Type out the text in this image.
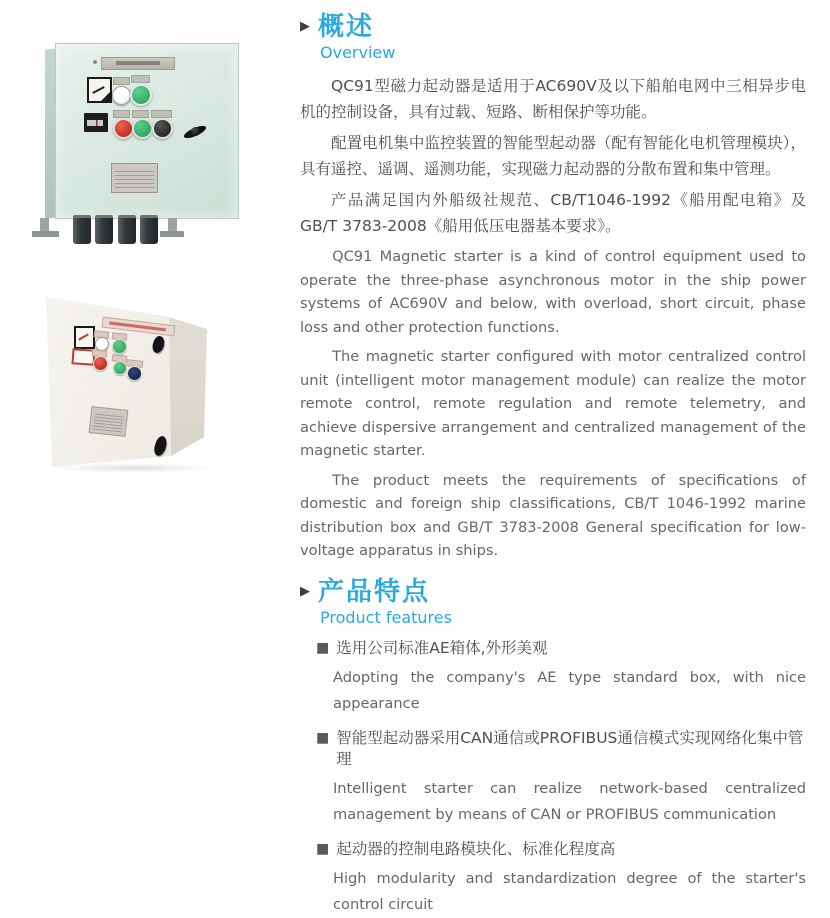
▶ 概述
Overview

QC91型磁力起动器是适用于AC690V及以下船舶电网中三相异步电机的控制设备，具有过载、短路、断相保护等功能。

配置电机集中监控装置的智能型起动器（配有智能化电机管理模块），具有遥控、遥调、遥测功能，实现磁力起动器的分散布置和集中管理。

产品满足国内外船级社规范、CB/T1046-1992《船用配电箱》及GB/T 3783-2008《船用低压电器基本要求》。

QC91 Magnetic starter is a kind of control equipment used to operate the three-phase asynchronous motor in the ship power systems of AC690V and below, with overload, short circuit, phase loss and other protection functions.

The magnetic starter configured with motor centralized control unit (intelligent motor management module) can realize the motor remote control, remote regulation and remote telemetry, and achieve dispersive arrangement and centralized management of the magnetic starter.

The product meets the requirements of specifications of domestic and foreign ship classifications, CB/T 1046-1992 marine distribution box and GB/T 3783-2008 General specification for low-voltage apparatus in ships.

▶ 产品特点
Product features
■ 选用公司标准AE箱体,外形美观
Adopting the company's AE type standard box, with nice appearance
■ 智能型起动器采用CAN通信或PROFIBUS通信模式实现网络化集中管理
Intelligent starter can realize network-based centralized management by means of CAN or PROFIBUS communication
■ 起动器的控制电路模块化、标准化程度高
High modularity and standardization degree of the starter's control circuit
